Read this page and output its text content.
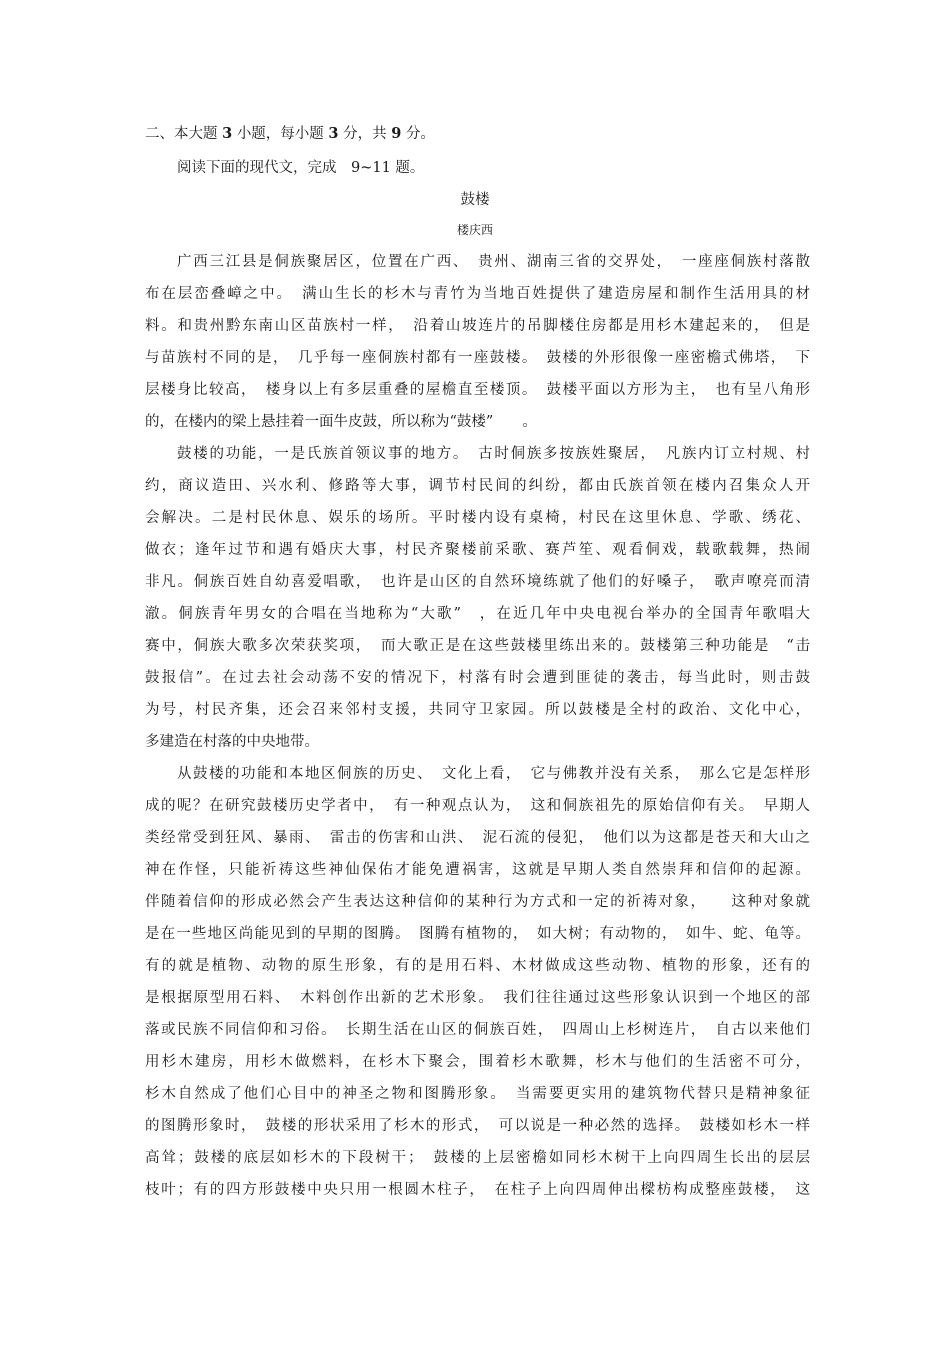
二、本大题 3 小题，每小题 3 分，共 9 分。
阅读下面的现代文，完成　9~11 题。
鼓楼
楼庆西
广西三江县是侗族聚居区，位置在广西、　贵州、湖南三省的交界处，　一座座侗族村落散
布在层峦叠嶂之中。　满山生长的杉木与青竹为当地百姓提供了建造房屋和制作生活用具的材
料。和贵州黔东南山区苗族村一样，　沿着山坡连片的吊脚楼住房都是用杉木建起来的，　但是
与苗族村不同的是，　几乎每一座侗族村都有一座鼓楼。　鼓楼的外形很像一座密檐式佛塔，　下
层楼身比较高，　楼身以上有多层重叠的屋檐直至楼顶。　鼓楼平面以方形为主，　也有呈八角形
的，在楼内的梁上悬挂着一面牛皮鼓，所以称为“鼓楼”　　。
鼓楼的功能，一是氏族首领议事的地方。　古时侗族多按族姓聚居，　凡族内订立村规、村
约，商议造田、兴水利、修路等大事，调节村民间的纠纷，都由氏族首领在楼内召集众人开
会解决。二是村民休息、娱乐的场所。平时楼内设有桌椅，村民在这里休息、学歌、绣花、
做衣；逢年过节和遇有婚庆大事，村民齐聚楼前采歌、赛芦笙、观看侗戏，载歌载舞，热闹
非凡。侗族百姓自幼喜爱唱歌，　也许是山区的自然环境练就了他们的好嗓子，　歌声嘹亮而清
澈。侗族青年男女的合唱在当地称为“大歌”　，在近几年中央电视台举办的全国青年歌唱大
赛中，侗族大歌多次荣获奖项，　而大歌正是在这些鼓楼里练出来的。鼓楼第三种功能是　“击
鼓报信”。在过去社会动荡不安的情况下，村落有时会遭到匪徒的袭击，每当此时，则击鼓
为号，村民齐集，还会召来邻村支援，共同守卫家园。所以鼓楼是全村的政治、文化中心，
多建造在村落的中央地带。
从鼓楼的功能和本地区侗族的历史、　文化上看，　它与佛教并没有关系，　那么它是怎样形
成的呢？在研究鼓楼历史学者中，　有一种观点认为，　这和侗族祖先的原始信仰有关。　早期人
类经常受到狂风、暴雨、　雷击的伤害和山洪、　泥石流的侵犯，　他们以为这都是苍天和大山之
神在作怪，只能祈祷这些神仙保佑才能免遭祸害，这就是早期人类自然崇拜和信仰的起源。
伴随着信仰的形成必然会产生表达这种信仰的某种行为方式和一定的祈祷对象，　　这种对象就
是在一些地区尚能见到的早期的图腾。　图腾有植物的，　如大树；有动物的，　如牛、蛇、龟等。
有的就是植物、动物的原生形象，有的是用石料、木材做成这些动物、植物的形象，还有的
是根据原型用石料、　木料创作出新的艺术形象。　我们往往通过这些形象认识到一个地区的部
落或民族不同信仰和习俗。　长期生活在山区的侗族百姓，　四周山上杉树连片，　自古以来他们
用杉木建房，用杉木做燃料，在杉木下聚会，围着杉木歌舞，杉木与他们的生活密不可分，
杉木自然成了他们心目中的神圣之物和图腾形象。　当需要更实用的建筑物代替只是精神象征
的图腾形象时，　鼓楼的形状采用了杉木的形式，　可以说是一种必然的选择。　鼓楼如杉木一样
高耸；鼓楼的底层如杉木的下段树干；　鼓楼的上层密檐如同杉木树干上向四周生长出的层层
枝叶；有的四方形鼓楼中央只用一根圆木柱子，　在柱子上向四周伸出樑枋构成整座鼓楼，　这
